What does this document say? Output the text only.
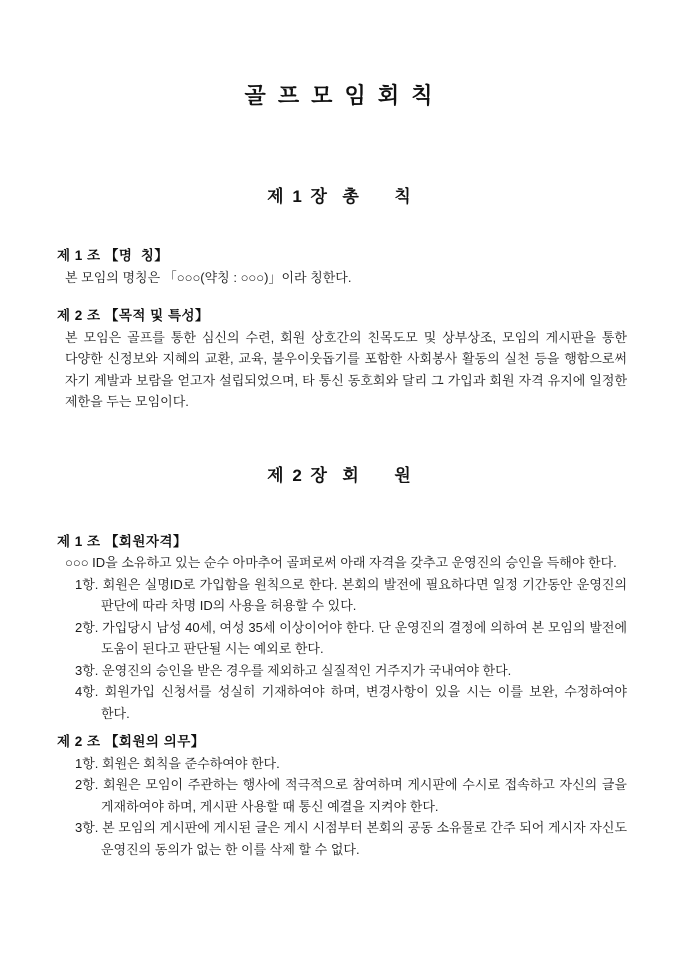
골 프 모 임 회 칙
제 1 장  총     칙
제 1 조 【명  칭】

본 모임의 명칭은 「○○○(약칭 : ○○○)」이라 칭한다.

제 2 조 【목적 및 특성】

본 모임은 골프를 통한 심신의 수련, 회원 상호간의 친목도모 및 상부상조, 모임의 게시판을 통한 다양한 신정보와 지혜의 교환, 교육, 불우이웃돕기를 포함한 사회봉사 활동의 실천 등을 행함으로써 자기 계발과 보람을 얻고자 설립되었으며, 타 통신 동호회와 달리 그 가입과 회원 자격 유지에 일정한 제한을 두는 모임이다.

제 2 장  회     원
제 1 조 【회원자격】

○○○ ID을 소유하고 있는 순수 아마추어 골퍼로써 아래 자격을 갖추고 운영진의 승인을 득해야 한다.

1항. 회원은 실명ID로 가입함을 원칙으로 한다. 본회의 발전에 필요하다면 일정 기간동안 운영진의 판단에 따라 차명 ID의 사용을 허용할 수 있다.

2항. 가입당시 남성 40세, 여성 35세 이상이어야 한다. 단 운영진의 결정에 의하여 본 모임의 발전에 도움이 된다고 판단될 시는 예외로 한다.

3항. 운영진의 승인을 받은 경우를 제외하고 실질적인 거주지가 국내여야 한다.

4항. 회원가입 신청서를 성실히 기재하여야 하며, 변경사항이 있을 시는 이를 보완, 수정하여야 한다.

제 2 조 【회원의 의무】

1항. 회원은 회칙을 준수하여야 한다.

2항. 회원은 모임이 주관하는 행사에 적극적으로 참여하며 게시판에 수시로 접속하고 자신의 글을 게재하여야 하며, 게시판 사용할 때 통신 예결을 지켜야 한다.

3항. 본 모임의 게시판에 게시된 글은 게시 시점부터 본회의 공동 소유물로 간주 되어 게시자 자신도 운영진의 동의가 없는 한 이를 삭제 할 수 없다.
